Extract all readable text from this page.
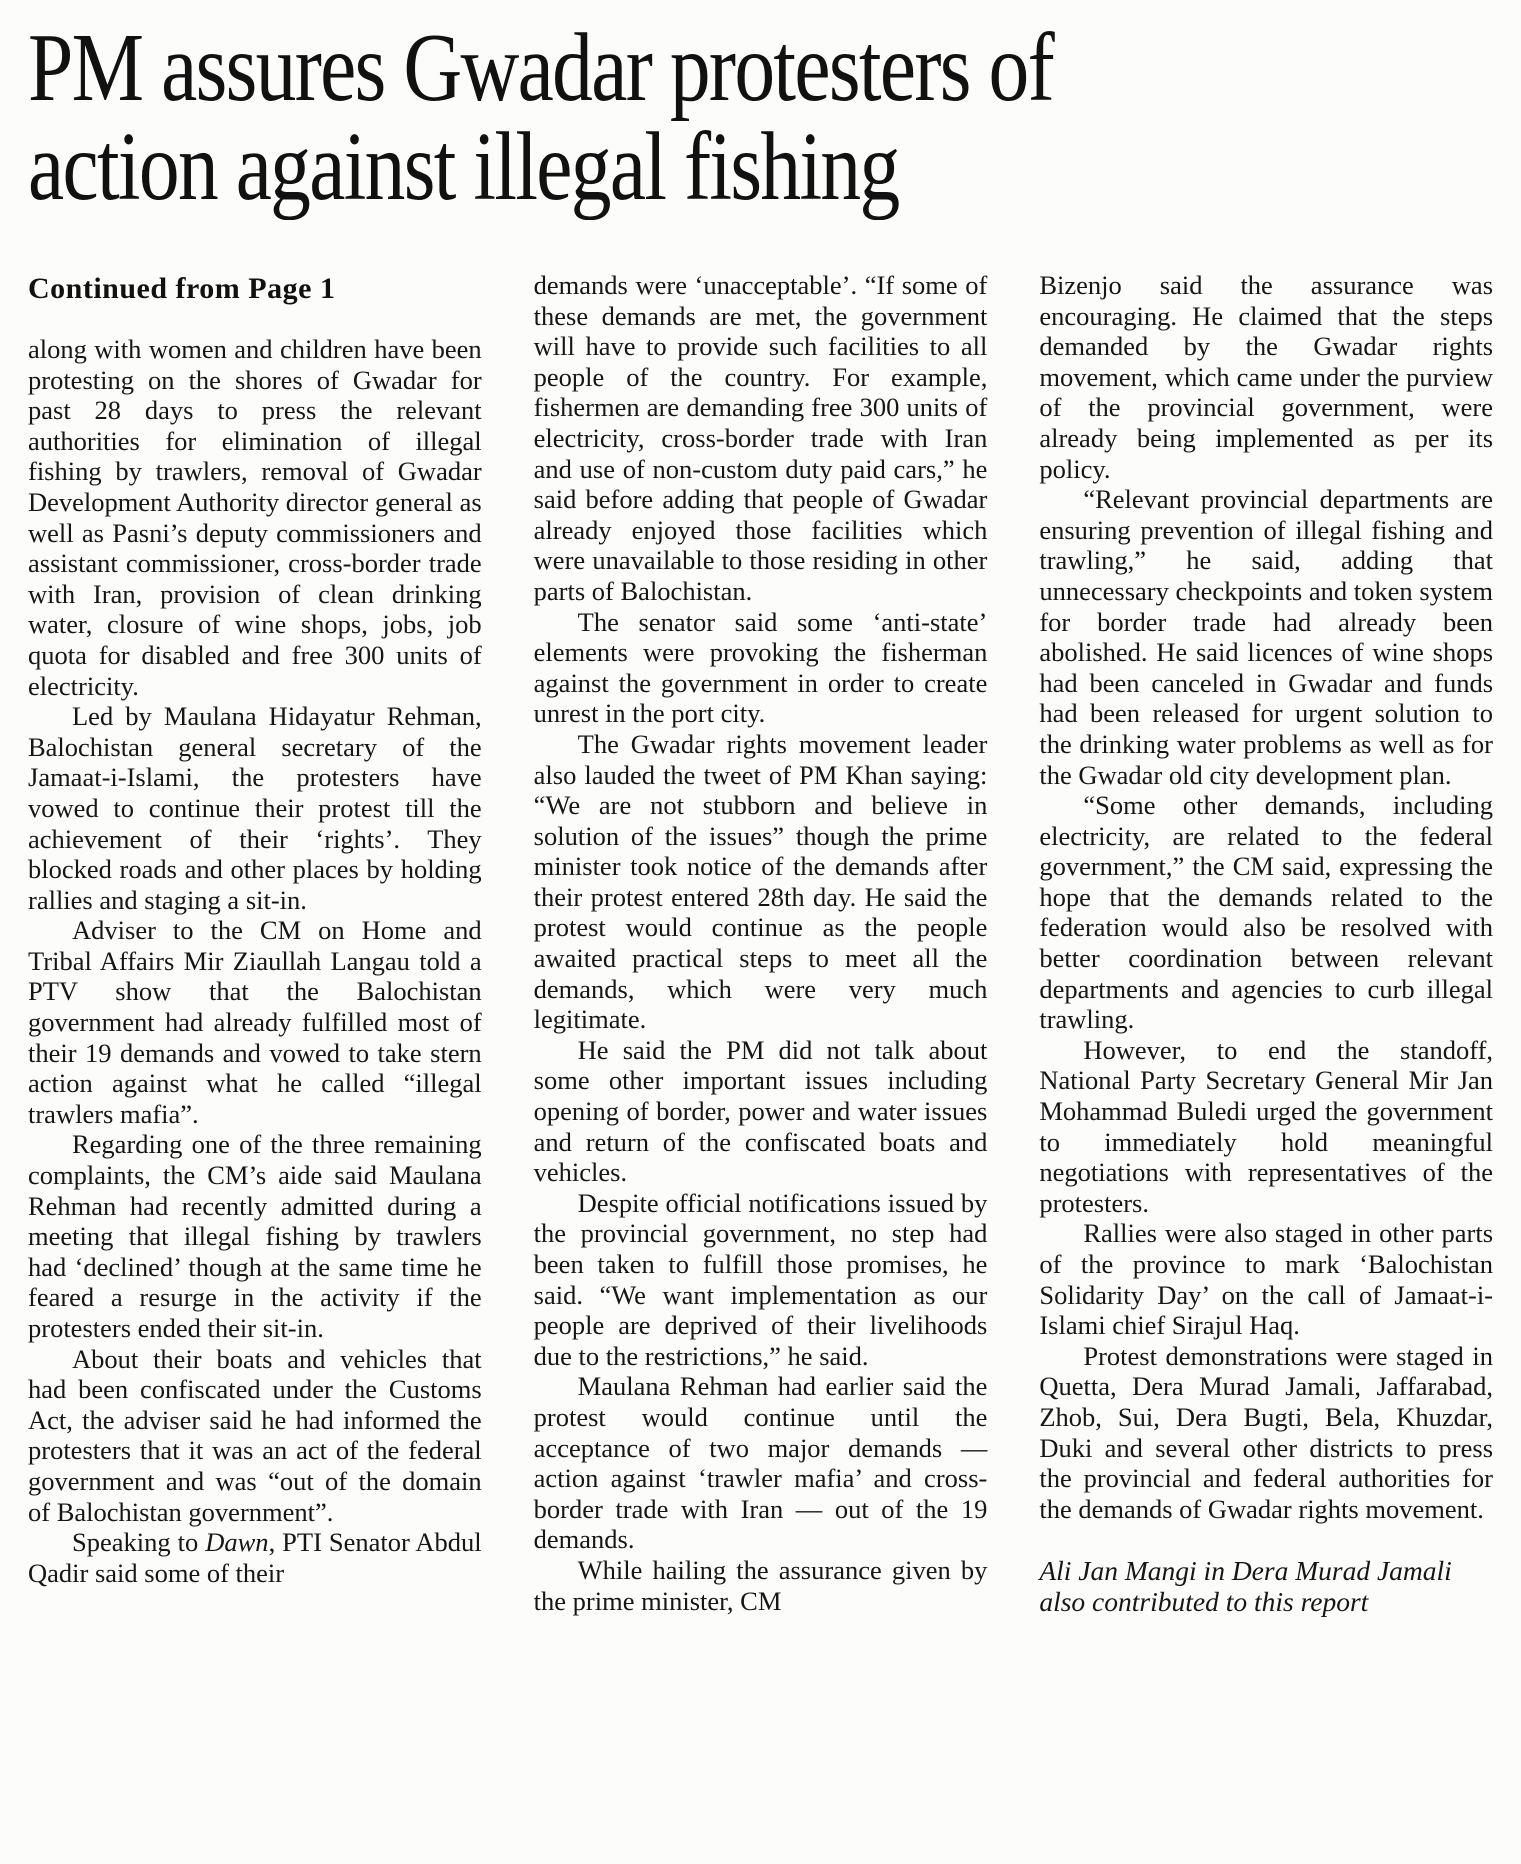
PM assures Gwadar protesters of
action against illegal fishing
Continued from Page 1

along with women and children have been protesting on the shores of Gwadar for past 28 days to press the relevant authorities for elimination of illegal fishing by trawlers, removal of Gwadar Development Authority director general as well as Pasni’s deputy commissioners and assistant commissioner, cross-border trade with Iran, provision of clean drinking water, closure of wine shops, jobs, job quota for disabled and free 300 units of electricity.

Led by Maulana Hidayatur Rehman, Balochistan general secretary of the Jamaat-i-Islami, the protesters have vowed to continue their protest till the achievement of their ‘rights’. They blocked roads and other places by holding rallies and staging a sit-in.

Adviser to the CM on Home and Tribal Affairs Mir Ziaullah Langau told a PTV show that the Balochistan government had already fulfilled most of their 19 demands and vowed to take stern action against what he called “illegal trawlers mafia”.

Regarding one of the three remaining complaints, the CM’s aide said Maulana Rehman had recently admitted during a meeting that illegal fishing by trawlers had ‘declined’ though at the same time he feared a resurge in the activity if the protesters ended their sit-in.

About their boats and vehicles that had been confiscated under the Customs Act, the adviser said he had informed the protesters that it was an act of the federal government and was “out of the domain of Balochistan government”.

Speaking to Dawn, PTI Senator Abdul Qadir said some of their

demands were ‘unacceptable’. “If some of these demands are met, the government will have to provide such facilities to all people of the country. For example, fishermen are demanding free 300 units of electricity, cross-border trade with Iran and use of non-custom duty paid cars,” he said before adding that people of Gwadar already enjoyed those facilities which were unavailable to those residing in other parts of Balochistan.

The senator said some ‘anti-state’ elements were provoking the fisherman against the government in order to create unrest in the port city.

The Gwadar rights movement leader also lauded the tweet of PM Khan saying: “We are not stubborn and believe in solution of the issues” though the prime minister took notice of the demands after their protest entered 28th day. He said the protest would continue as the people awaited practical steps to meet all the demands, which were very much legitimate.

He said the PM did not talk about some other important issues including opening of border, power and water issues and return of the confiscated boats and vehicles.

Despite official notifications issued by the provincial government, no step had been taken to fulfill those promises, he said. “We want implementation as our people are deprived of their livelihoods due to the restrictions,” he said.

Maulana Rehman had earlier said the protest would continue until the acceptance of two major demands — action against ‘trawler mafia’ and cross-border trade with Iran — out of the 19 demands.

While hailing the assurance given by the prime minister, CM

Bizenjo said the assurance was encouraging. He claimed that the steps demanded by the Gwadar rights movement, which came under the purview of the provincial government, were already being implemented as per its policy.

“Relevant provincial departments are ensuring prevention of illegal fishing and trawling,” he said, adding that unnecessary checkpoints and token system for border trade had already been abolished. He said licences of wine shops had been canceled in Gwadar and funds had been released for urgent solution to the drinking water problems as well as for the Gwadar old city development plan.

“Some other demands, including electricity, are related to the federal government,” the CM said, expressing the hope that the demands related to the federation would also be resolved with better coordination between relevant departments and agencies to curb illegal trawling.

However, to end the standoff, National Party Secretary General Mir Jan Mohammad Buledi urged the government to immediately hold meaningful negotiations with representatives of the protesters.

Rallies were also staged in other parts of the province to mark ‘Balochistan Solidarity Day’ on the call of Jamaat-i-Islami chief Sirajul Haq.

Protest demonstrations were staged in Quetta, Dera Murad Jamali, Jaffarabad, Zhob, Sui, Dera Bugti, Bela, Khuzdar, Duki and several other districts to press the provincial and federal authorities for the demands of Gwadar rights movement.

Ali Jan Mangi in Dera Murad Jamali also contributed to this report
